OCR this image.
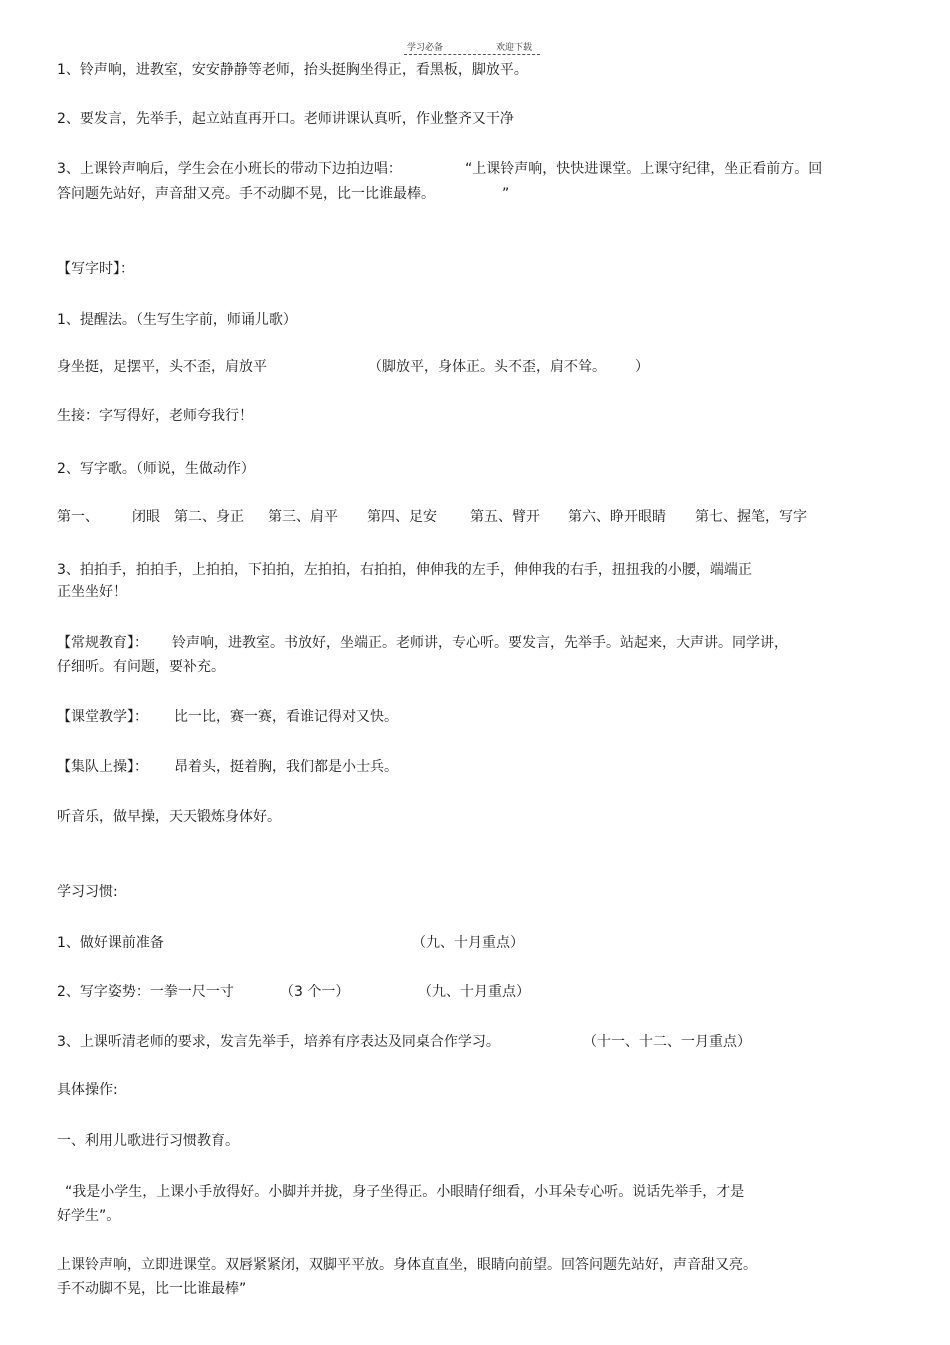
学习必备	欢迎下载
1、铃声响，进教室，安安静静等老师，抬头挺胸坐得正，看黑板，脚放平。
2、要发言，先举手，起立站直再开口。老师讲课认真听，作业整齐又干净
3、上课铃声响后，学生会在小班长的带动下边拍边唱：	“上课铃声响，快快进课堂。上课守纪律，坐正看前方。回
答问题先站好，声音甜又亮。手不动脚不晃，比一比谁最棒。	”
【写字时】：
1、提醒法。（生写生字前，师诵儿歌）
身坐挺，足摆平，头不歪，肩放平	（脚放平，身体正。头不歪，肩不耸。 ）
生接：字写得好，老师夸我行！
2、写字歌。（师说，生做动作）
第一、 闭眼 第二、身正 第三、肩平 第四、足安 第五、臂开 第六、睁开眼睛 第七、握笔，写字
3、拍拍手，拍拍手，上拍拍，下拍拍，左拍拍，右拍拍，伸伸我的左手，伸伸我的右手，扭扭我的小腰，端端正
正坐坐好！
【常规教育】： 铃声响，进教室。书放好，坐端正。老师讲，专心听。要发言，先举手。站起来，大声讲。同学讲，
仔细听。有问题，要补充。
【课堂教学】： 比一比，赛一赛，看谁记得对又快。
【集队上操】： 昂着头，挺着胸，我们都是小士兵。
听音乐，做早操，天天锻炼身体好。
学习习惯:
1、做好课前准备	（九、十月重点）
2、写字姿势：一拳一尺一寸	（3 个一）	（九、十月重点）
3、上课听清老师的要求，发言先举手，培养有序表达及同桌合作学习。	（十一、十二、一月重点）
具体操作:
一、利用儿歌进行习惯教育。
“我是小学生，上课小手放得好。小脚并并拢，身子坐得正。小眼睛仔细看，小耳朵专心听。说话先举手，才是
好学生”。
上课铃声响，立即进课堂。双唇紧紧闭，双脚平平放。身体直直坐，眼睛向前望。回答问题先站好，声音甜又亮。
手不动脚不晃，比一比谁最棒”
